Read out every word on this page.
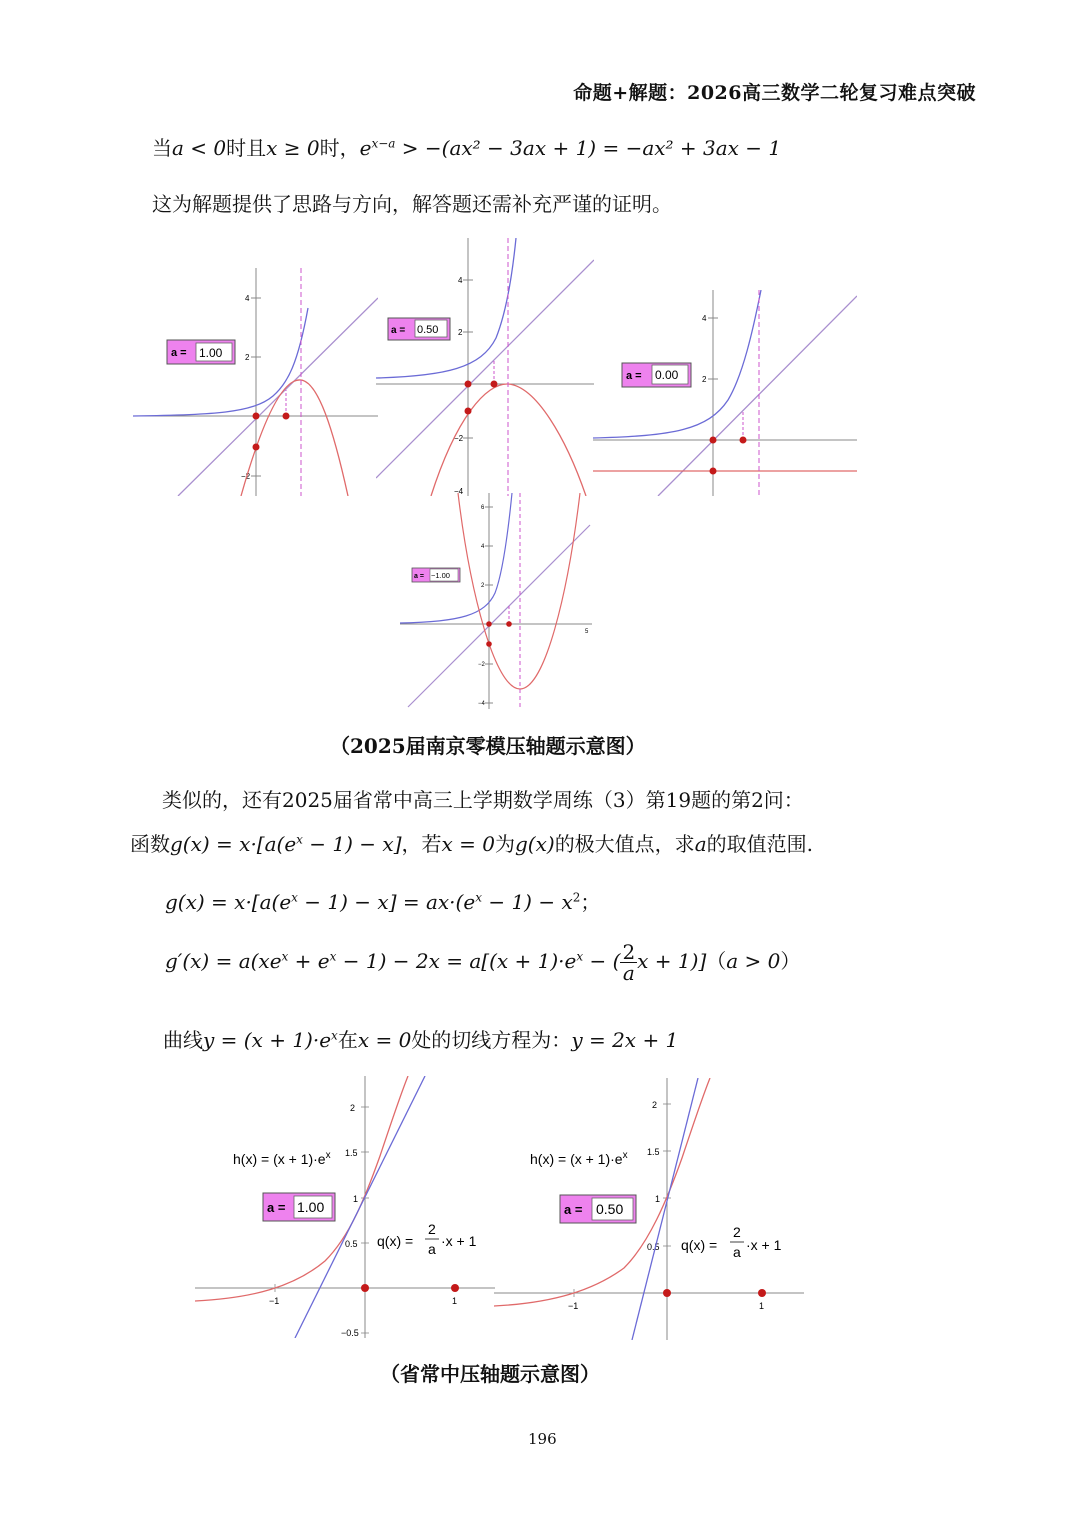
命题+解题：2026高三数学二轮复习难点突破
当a < 0时且x ≥ 0时，$e^{x-a} > -(ax^2 - 3ax + 1) = -ax^2 + 3ax - 1$
这为解题提供了思路与方向，解答题还需补充严谨的证明。
4
2
−2
a = 1.00
4
2
−2
−4
a = 0.50
4
2
a = 0.00
6
4
2
−2
−4
5
a = −1.00
（2025届南京零模压轴题示意图）
类似的，还有2025届省常中高三上学期数学周练（3）第19题的第2问：
函数$g(x) = x\cdot[a(e^x - 1) - x]$，若x = 0为g(x)的极大值点，求a的取值范围.
$g(x) = x\cdot[a(e^x - 1) - x] = ax\cdot(e^x - 1) - x^2$；
$g'(x) = a(xe^x + e^x - 1) - 2x = a[(x + 1)\cdot e^x$ − ( $\frac{2}{a}$ x + 1)]（a > 0）
曲线$y = (x + 1)\cdot e^x$在x = 0处的切线方程为：y = 2x + 1
2
1.5
1
0.5
−0.5
−1	1
$h(x) = (x + 1)\cdot e^x$
q(x) =
2
a ·x + 1
a = 1.00
2
1.5
1
0.5
−1	1
$h(x) = (x + 1)\cdot e^x$
q(x) =
2
a ·x + 1
a = 0.50
（省常中压轴题示意图）
196
